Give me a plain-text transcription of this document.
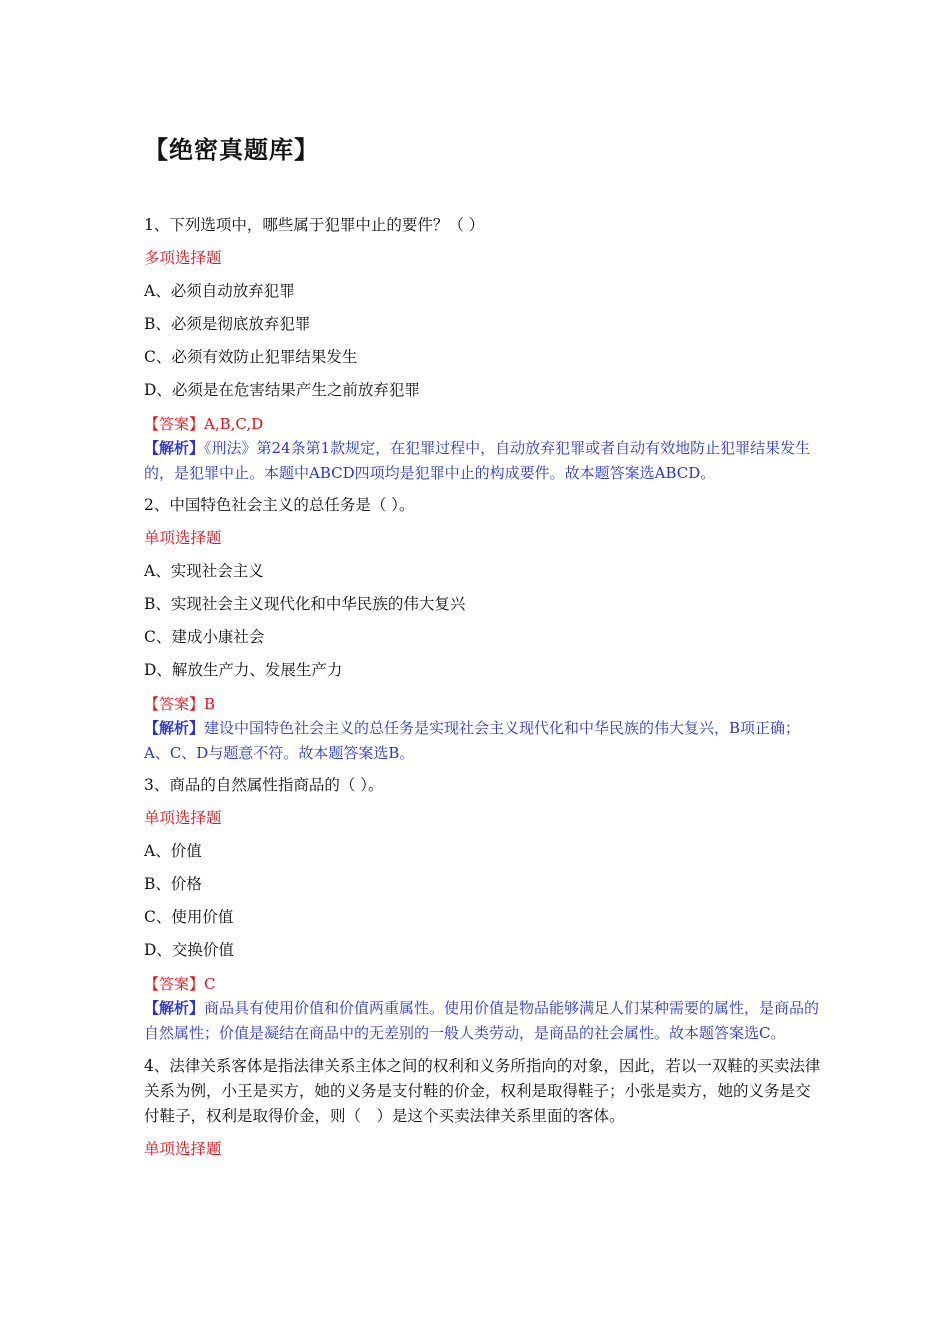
【绝密真题库】

1、下列选项中，哪些属于犯罪中止的要件？（ ）

多项选择题

A、必须自动放弃犯罪

B、必须是彻底放弃犯罪

C、必须有效防止犯罪结果发生

D、必须是在危害结果产生之前放弃犯罪

【答案】A,B,C,D

【解析】《刑法》第24条第1款规定，在犯罪过程中，自动放弃犯罪或者自动有效地防止犯罪结果发生的，是犯罪中止。本题中ABCD四项均是犯罪中止的构成要件。故本题答案选ABCD。

2、中国特色社会主义的总任务是（ ）。

单项选择题

A、实现社会主义

B、实现社会主义现代化和中华民族的伟大复兴

C、建成小康社会

D、解放生产力、发展生产力

【答案】B

【解析】建设中国特色社会主义的总任务是实现社会主义现代化和中华民族的伟大复兴，B项正确；A、C、D与题意不符。故本题答案选B。

3、商品的自然属性指商品的（ ）。

单项选择题

A、价值

B、价格

C、使用价值

D、交换价值

【答案】C

【解析】商品具有使用价值和价值两重属性。使用价值是物品能够满足人们某种需要的属性，是商品的自然属性；价值是凝结在商品中的无差别的一般人类劳动，是商品的社会属性。故本题答案选C。

4、法律关系客体是指法律关系主体之间的权利和义务所指向的对象，因此，若以一双鞋的买卖法律关系为例，小王是买方，她的义务是支付鞋的价金，权利是取得鞋子；小张是卖方，她的义务是交付鞋子，权利是取得价金，则（　）是这个买卖法律关系里面的客体。

单项选择题
